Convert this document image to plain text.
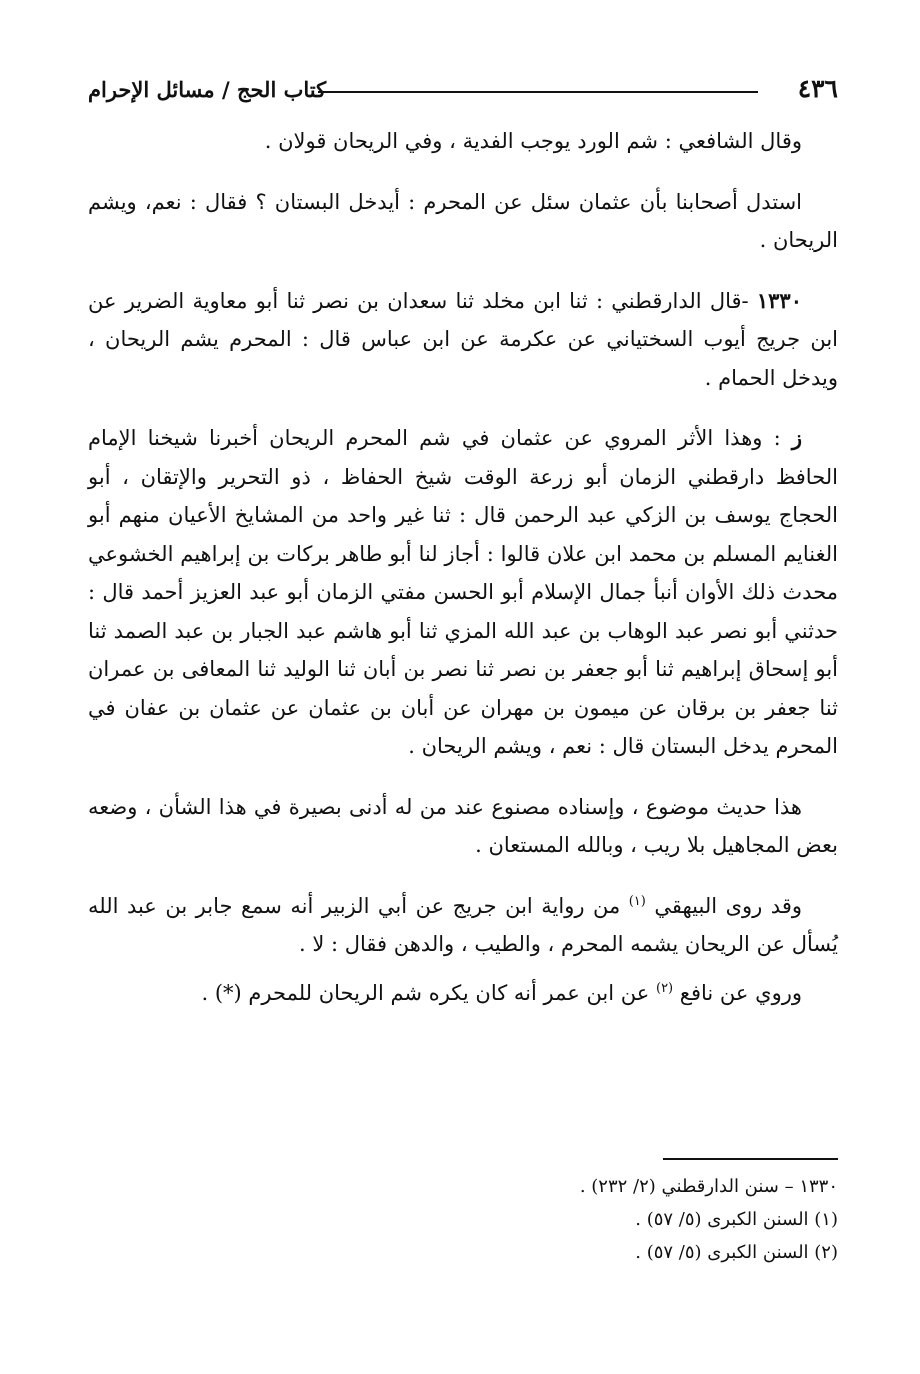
٤٣٦
كتاب الحج / مسائل الإحرام

وقال الشافعي : شم الورد يوجب الفدية ، وفي الريحان قولان .

استدل أصحابنا بأن عثمان سئل عن المحرم : أيدخل البستان ؟ فقال : نعم، ويشم الريحان .

١٣٣٠ -قال الدارقطني : ثنا ابن مخلد ثنا سعدان بن نصر ثنا أبو معاوية الضرير عن ابن جريج أيوب السختياني عن عكرمة عن ابن عباس قال : المحرم يشم الريحان ، ويدخل الحمام .

ز : وهذا الأثر المروي عن عثمان في شم المحرم الريحان أخبرنا شيخنا الإمام الحافظ دارقطني الزمان أبو زرعة الوقت شيخ الحفاظ ، ذو التحرير والإتقان ، أبو الحجاج يوسف بن الزكي عبد الرحمن قال : ثنا غير واحد من المشايخ الأعيان منهم أبو الغنايم المسلم بن محمد ابن علان قالوا : أجاز لنا أبو طاهر بركات بن إبراهيم الخشوعي محدث ذلك الأوان أنبأ جمال الإسلام أبو الحسن مفتي الزمان أبو عبد العزيز أحمد قال : حدثني أبو نصر عبد الوهاب بن عبد الله المزي ثنا أبو هاشم عبد الجبار بن عبد الصمد ثنا أبو إسحاق إبراهيم ثنا أبو جعفر بن نصر ثنا نصر بن أبان ثنا الوليد ثنا المعافى بن عمران ثنا جعفر بن برقان عن ميمون بن مهران عن أبان بن عثمان عن عثمان بن عفان في المحرم يدخل البستان قال : نعم ، ويشم الريحان .

هذا حديث موضوع ، وإسناده مصنوع عند من له أدنى بصيرة في هذا الشأن ، وضعه بعض المجاهيل بلا ريب ، وبالله المستعان .

وقد روى البيهقي $^{(١)}$ من رواية ابن جريج عن أبي الزبير أنه سمع جابر بن عبد الله يُسأل عن الريحان يشمه المحرم ، والطيب ، والدهن فقال : لا .

وروي عن نافع $^{(٢)}$ عن ابن عمر أنه كان يكره شم الريحان للمحرم (*) .

١٣٣٠ – سنن الدارقطني (٢/ ٢٣٢) .
(١) السنن الكبرى (٥/ ٥٧) .
(٢) السنن الكبرى (٥/ ٥٧) .
